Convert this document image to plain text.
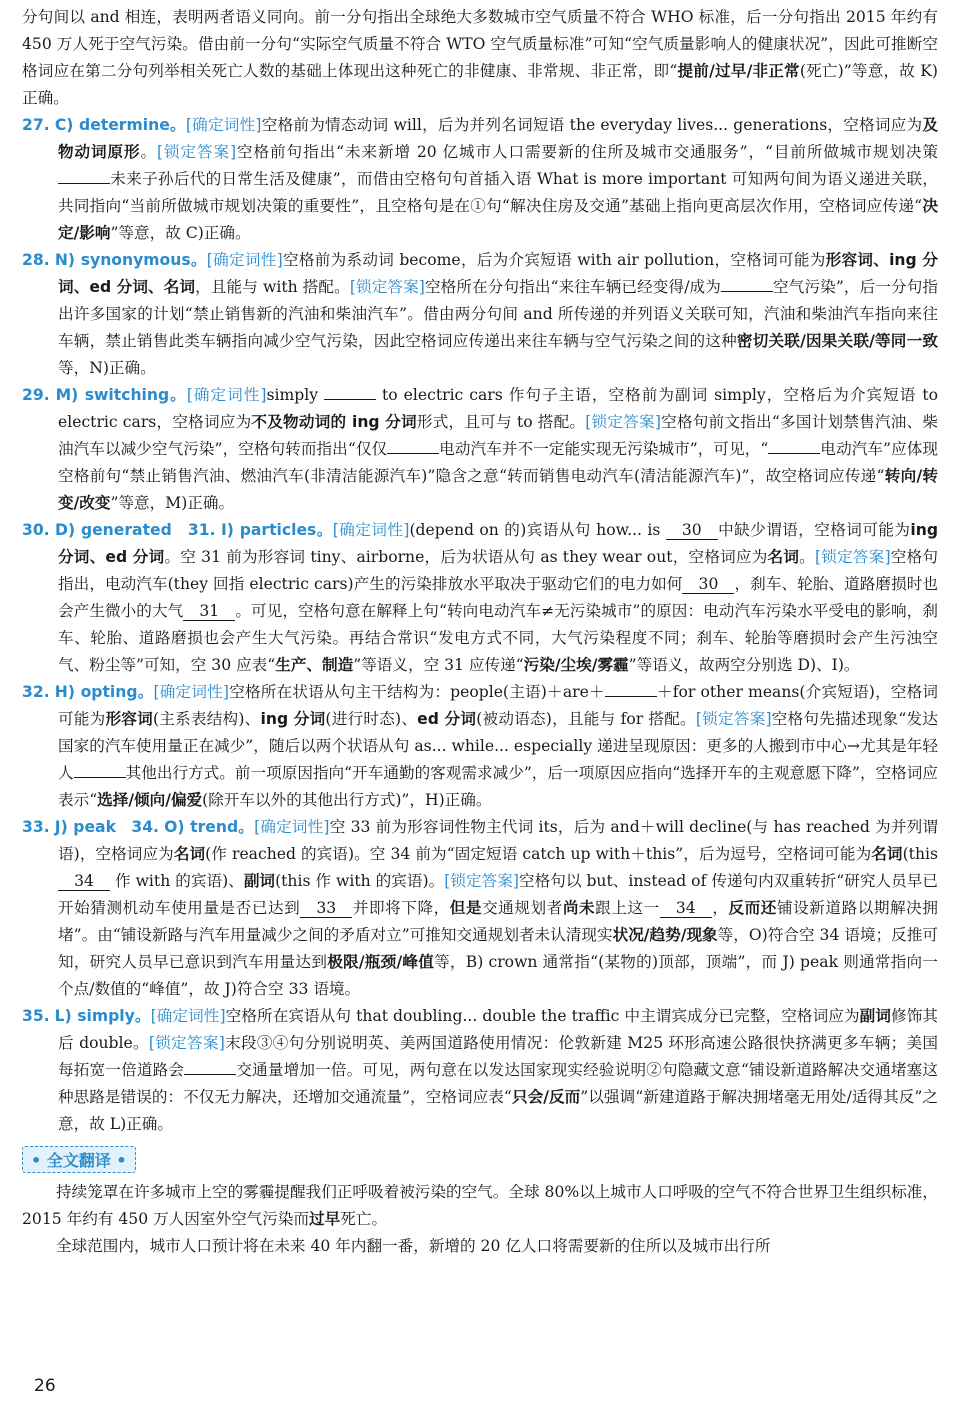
分句间以 and 相连，表明两者语义同向。前一分句指出全球绝大多数城市空气质量不符合 WHO 标准，后一分句指出 2015 年约有 450 万人死于空气污染。借由前一分句“实际空气质量不符合 WTO 空气质量标准”可知“空气质量影响人的健康状况”，因此可推断空格词应在第二分句列举相关死亡人数的基础上体现出这种死亡的非健康、非常规、非正常，即“提前/过早/非正常(死亡)”等意，故 K)正确。

27. C) determine。[确定词性]空格前为情态动词 will，后为并列名词短语 the everyday lives... generations，空格词应为及物动词原形。[锁定答案]空格前句指出“未来新增 20 亿城市人口需要新的住所及城市交通服务”，“目前所做城市规划决策未来子孙后代的日常生活及健康”，而借由空格句句首插入语 What is more important 可知两句间为语义递进关联，共同指向“当前所做城市规划决策的重要性”，且空格句是在①句“解决住房及交通”基础上指向更高层次作用，空格词应传递“决定/影响”等意，故 C)正确。

28. N) synonymous。[确定词性]空格前为系动词 become，后为介宾短语 with air pollution，空格词可能为形容词、ing 分词、ed 分词、名词，且能与 with 搭配。[锁定答案]空格所在分句指出“来往车辆已经变得/成为	空气污染”，后一分句指出许多国家的计划“禁止销售新的汽油和柴油汽车”。借由两分句间 and 所传递的并列语义关联可知，汽油和柴油汽车指向来往车辆，禁止销售此类车辆指向减少空气污染，因此空格词应传递出来往车辆与空气污染之间的这种密切关联/因果关联/等同一致等，N)正确。

29. M) switching。[确定词性]simply	to electric cars 作句子主语，空格前为副词 simply，空格后为介宾短语 to electric cars，空格词应为不及物动词的 ing 分词形式，且可与 to 搭配。[锁定答案]空格句前文指出“多国计划禁售汽油、柴油汽车以减少空气污染”，空格句转而指出“仅仅	电动汽车并不一定能实现无污染城市”，可见，“	电动汽车”应体现空格前句“禁止销售汽油、燃油汽车(非清洁能源汽车)”隐含之意“转而销售电动汽车(清洁能源汽车)”，故空格词应传递“转向/转变/改变”等意，M)正确。

30. D) generated 31. I) particles。[确定词性](depend on 的)宾语从句 how... is 30 中缺少谓语，空格词可能为ing 分词、ed 分词。空 31 前为形容词 tiny、airborne，后为状语从句 as they wear out，空格词应为名词。[锁定答案]空格句指出，电动汽车(they 回指 electric cars)产生的污染排放水平取决于驱动它们的电力如何 30 ，刹车、轮胎、道路磨损时也会产生微小的大气 31 。可见，空格句意在解释上句“转向电动汽车≠无污染城市”的原因：电动汽车污染水平受电的影响，刹车、轮胎、道路磨损也会产生大气污染。再结合常识“发电方式不同，大气污染程度不同；刹车、轮胎等磨损时会产生污浊空气、粉尘等”可知，空 30 应表“生产、制造”等语义，空 31 应传递“污染/尘埃/雾霾”等语义，故两空分别选 D)、I)。

32. H) opting。[确定词性]空格所在状语从句主干结构为：people(主语)＋are＋	＋for other means(介宾短语)，空格词可能为形容词(主系表结构)、ing 分词(进行时态)、ed 分词(被动语态)，且能与 for 搭配。[锁定答案]空格句先描述现象“发达国家的汽车使用量正在减少”，随后以两个状语从句 as... while... especially 递进呈现原因：更多的人搬到市中心→尤其是年轻人	其他出行方式。前一项原因指向“开车通勤的客观需求减少”，后一项原因应指向“选择开车的主观意愿下降”，空格词应表示“选择/倾向/偏爱(除开车以外的其他出行方式)”，H)正确。

33. J) peak 34. O) trend。[确定词性]空 33 前为形容词性物主代词 its，后为 and＋will decline(与 has reached 为并列谓语)，空格词应为名词(作 reached 的宾语)。空 34 前为“固定短语 catch up with＋this”，后为逗号，空格词可能为名词(this 34 作 with 的宾语)、副词(this 作 with 的宾语)。[锁定答案]空格句以 but、instead of 传递句内双重转折“研究人员早已开始猜测机动车使用量是否已达到 33 并即将下降，但是交通规划者尚未跟上这一 34 ，反而还铺设新道路以期解决拥堵”。由“铺设新路与汽车用量减少之间的矛盾对立”可推知交通规划者未认清现实状况/趋势/现象等，O)符合空 34 语境；反推可知，研究人员早已意识到汽车用量达到极限/瓶颈/峰值等，B) crown 通常指“(某物的)顶部，顶端”，而 J) peak 则通常指向一个点/数值的“峰值”，故 J)符合空 33 语境。

35. L) simply。[确定词性]空格所在宾语从句 that doubling... double the traffic 中主谓宾成分已完整，空格词应为副词修饰其后 double。[锁定答案]末段③④句分别说明英、美两国道路使用情况：伦敦新建 M25 环形高速公路很快挤满更多车辆；美国每拓宽一倍道路会	交通量增加一倍。可见，两句意在以发达国家现实经验说明②句隐藏文意“铺设新道路解决交通堵塞这种思路是错误的：不仅无力解决，还增加交通流量”，空格词应表“只会/反而”以强调“新建道路于解决拥堵毫无用处/适得其反”之意，故 L)正确。

• 全文翻译 •

持续笼罩在许多城市上空的雾霾提醒我们正呼吸着被污染的空气。全球 80%以上城市人口呼吸的空气不符合世界卫生组织标准，2015 年约有 450 万人因室外空气污染而过早死亡。

全球范围内，城市人口预计将在未来 40 年内翻一番，新增的 20 亿人口将需要新的住所以及城市出行所

26
